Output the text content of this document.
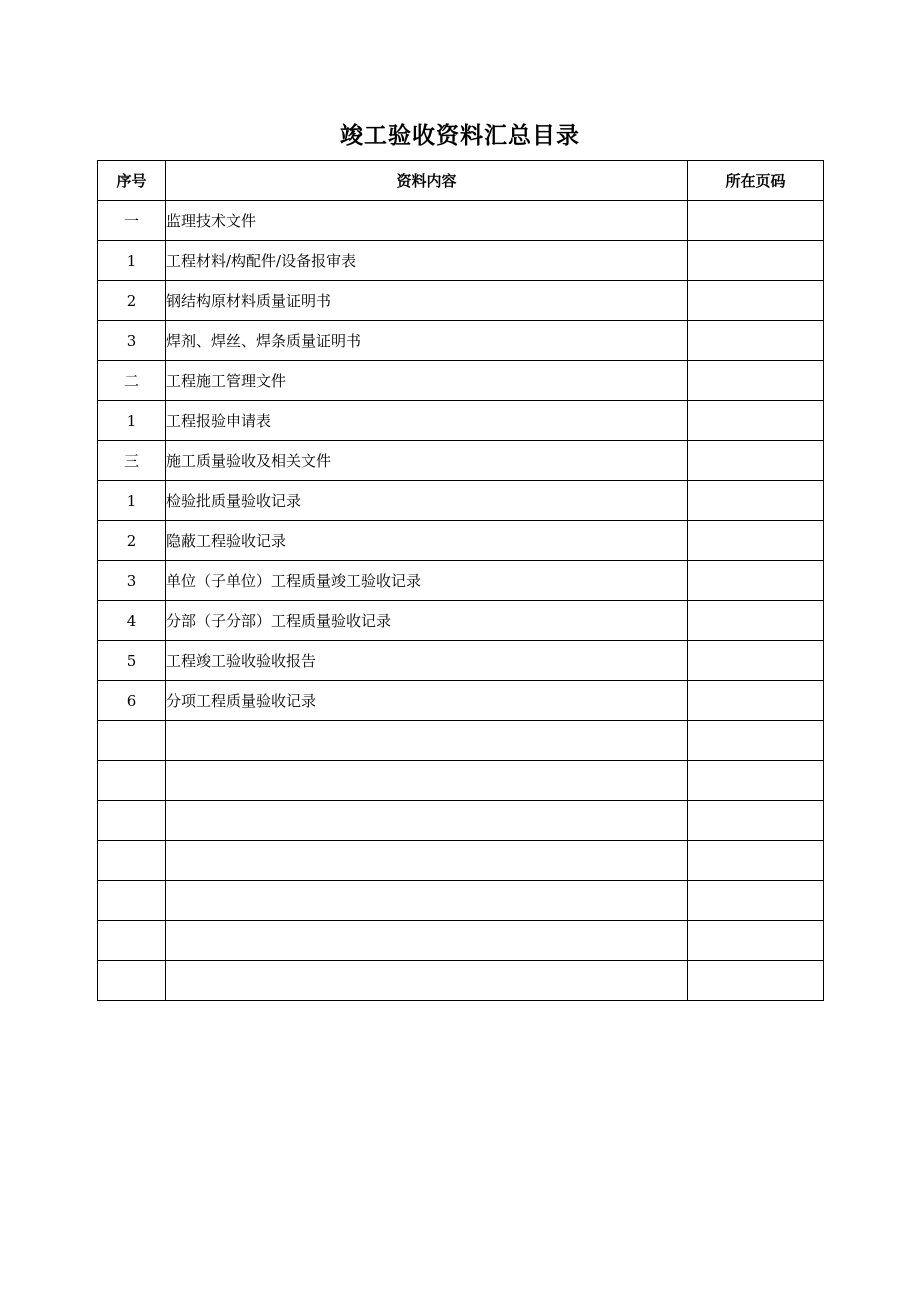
竣工验收资料汇总目录
序号	资料内容	所在页码
一	监理技术文件	
1	工程材料/构配件/设备报审表	
2	钢结构原材料质量证明书	
3	焊剂、焊丝、焊条质量证明书	
二	工程施工管理文件	
1	工程报验申请表	
三	施工质量验收及相关文件	
1	检验批质量验收记录	
2	隐蔽工程验收记录	
3	单位（子单位）工程质量竣工验收记录	
4	分部（子分部）工程质量验收记录	
5	工程竣工验收验收报告	
6	分项工程质量验收记录	
